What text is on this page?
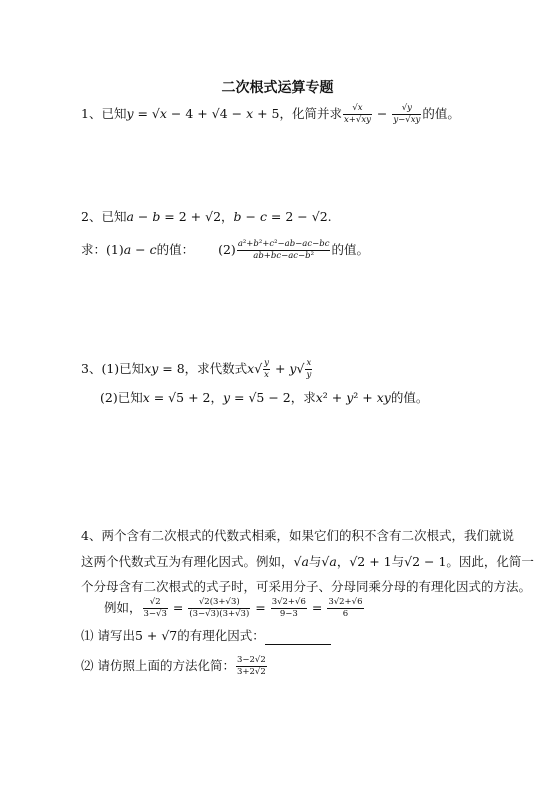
二次根式运算专题
1、已知𝑦 = √𝑥 − 4 + √4 − 𝑥 + 5，化简并求 $\frac{\text{√𝑥}}{\text{𝑥+√𝑥𝑦}} - \frac{\text{√𝑦}}{\text{𝑦−√𝑥𝑦}}$ 的值。
2、已知𝑎 − 𝑏 = 2 + √2，𝑏 − 𝑐 = 2 − √2.
求：(1)𝑎 − 𝑐的值： $(2) \frac{\text{𝑎²+𝑏²+𝑐²−𝑎𝑏−𝑎𝑐−𝑏𝑐}}{\text{𝑎𝑏+𝑏𝑐−𝑎𝑐−𝑏²}}$ 的值。
3、(1)已知𝑥𝑦 = 8，求代数式𝑥√ $\frac{\text{𝑦}}{\text{𝑥}}$ + 𝑦√ $\frac{\text{𝑥}}{\text{𝑦}}$
(2)已知𝑥 = √5 + 2，𝑦 = √5 − 2，求𝑥² + 𝑦² + 𝑥𝑦的值。
4、两个含有二次根式的代数式相乘，如果它们的积不含有二次根式，我们就说
这两个代数式互为有理化因式。例如，√𝑎与√𝑎，√2 + 1与√2 − 1。因此，化简一
个分母含有二次根式的式子时，可采用分子、分母同乘分母的有理化因式的方法。
例如， $\frac{√2}{3-√3} = \frac{√2(3+√3)}{(3-√3)(3+√3)} = \frac{3√2+√6}{9-3} = \frac{3√2+√6}{6}$
⑴ 请写出5 + √7的有理化因式：
⑵ 请仿照上面的方法化简： $\frac{3-2√2}{3+2√2}$
